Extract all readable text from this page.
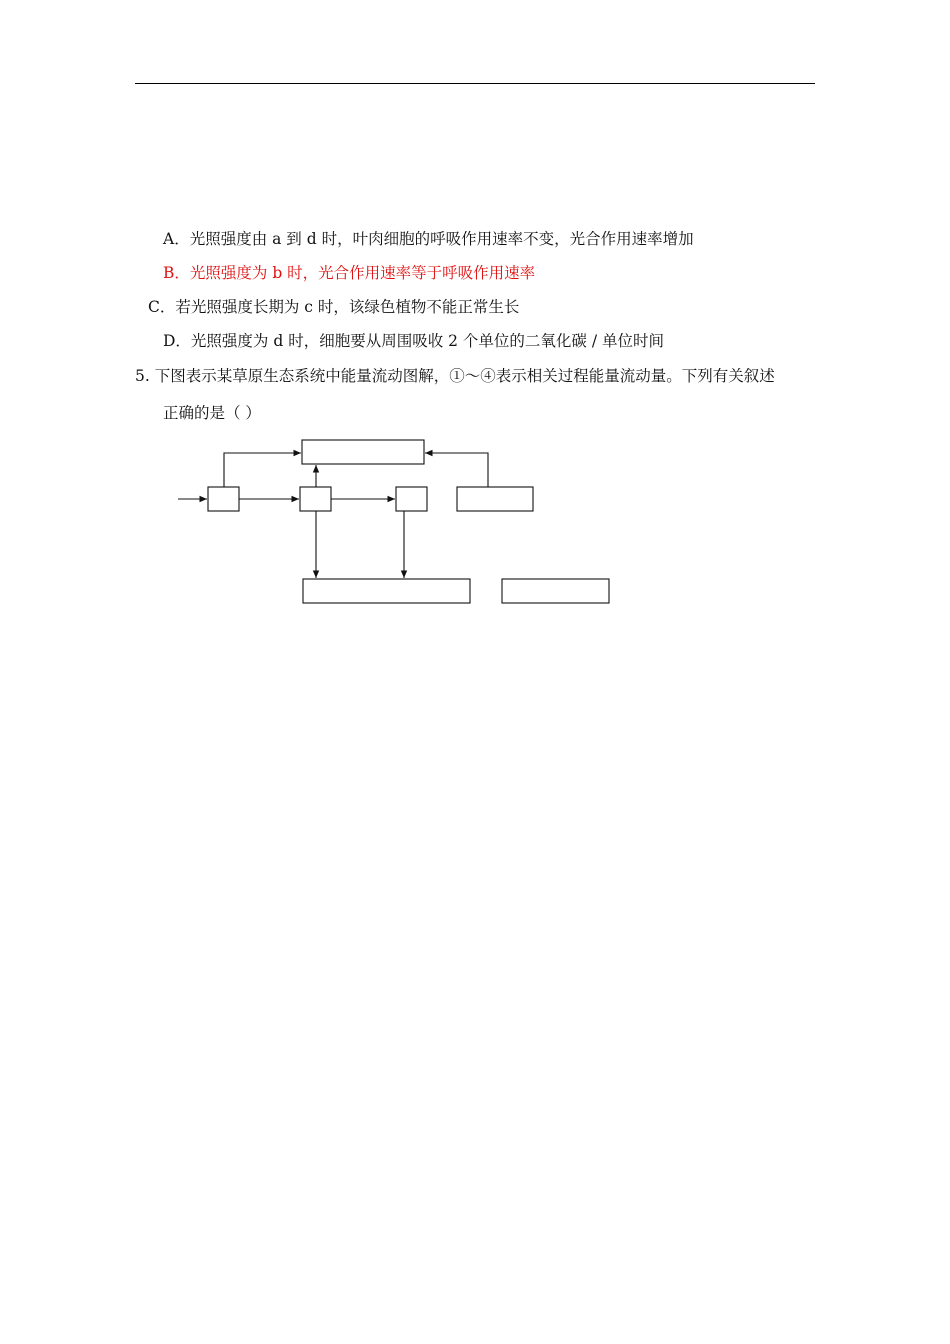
A．光照强度由 a 到 d 时，叶肉细胞的呼吸作用速率不变，光合作用速率增加
B．光照强度为 b 时，光合作用速率等于呼吸作用速率
C．若光照强度长期为 c 时，该绿色植物不能正常生长
D．光照强度为 d 时，细胞要从周围吸收 2 个单位的二氧化碳 / 单位时间
5. 下图表示某草原生态系统中能量流动图解，①～④表示相关过程能量流动量。下列有关叙述
正确的是（ ）
